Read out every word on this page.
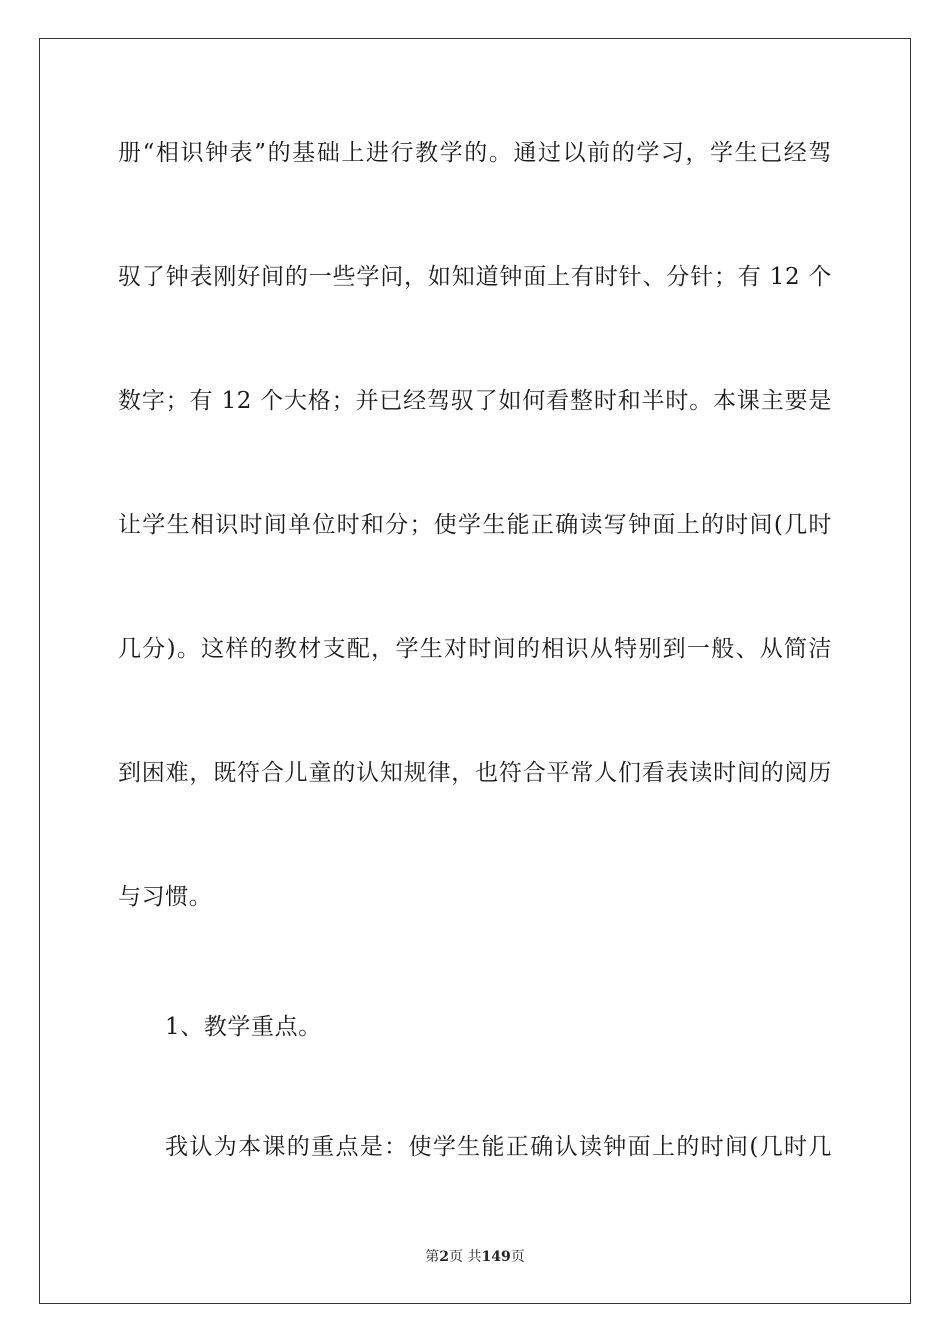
册“相识钟表”的基础上进行教学的。通过以前的学习，学生已经驾
驭了钟表刚好间的一些学问，如知道钟面上有时针、分针；有 12 个
数字；有 12 个大格；并已经驾驭了如何看整时和半时。本课主要是
让学生相识时间单位时和分；使学生能正确读写钟面上的时间(几时
几分)。这样的教材支配，学生对时间的相识从特别到一般、从简洁
到困难，既符合儿童的认知规律，也符合平常人们看表读时间的阅历
与习惯。
1、教学重点。
我认为本课的重点是：使学生能正确认读钟面上的时间(几时几
第2页 共149页
